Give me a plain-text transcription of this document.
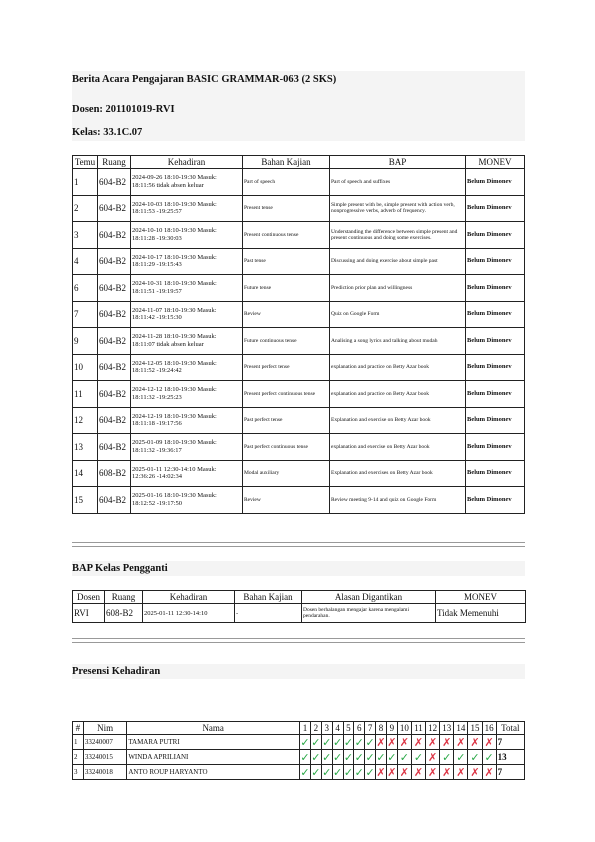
Berita Acara Pengajaran BASIC GRAMMAR-063 (2 SKS)
Dosen: 201101019-RVI
Kelas: 33.1C.07
Temu	Ruang	Kehadiran	Bahan Kajian	BAP	MONEV
1	604-B2	2024-09-26 18:10-19:30 Masuk: 18:11:56 tidak absen keluar	Part of speech	Part of speech and suffixes	Belum Dimonev
2	604-B2	2024-10-03 18:10-19:30 Masuk: 18:11:53 -19:25:57	Present tense	Simple present with be, simple present with action verb, nonprogressive verbs, adverb of frequency.	Belum Dimonev
3	604-B2	2024-10-10 18:10-19:30 Masuk: 18:11:28 -19:30:03	Present continuous tense	Understanding the difference between simple present and present continuous and doing some exercises.	Belum Dimonev
4	604-B2	2024-10-17 18:10-19:30 Masuk: 18:11:29 -19:15:43	Past tense	Discussing and doing exercise about simple past	Belum Dimonev
6	604-B2	2024-10-31 18:10-19:30 Masuk: 18:11:51 -19:19:57	Future tense	Prediction prior plan and willingness	Belum Dimonev
7	604-B2	2024-11-07 18:10-19:30 Masuk: 18:11:42 -19:15:30	Review	Quiz on Google Form	Belum Dimonev
9	604-B2	2024-11-28 18:10-19:30 Masuk: 18:11:07 tidak absen keluar	Future continuous tense	Analising a song lyrics and talking about mudah	Belum Dimonev
10	604-B2	2024-12-05 18:10-19:30 Masuk: 18:11:52 -19:24:42	Present perfect tense	explanation and practice on Betty Azar book	Belum Dimonev
11	604-B2	2024-12-12 18:10-19:30 Masuk: 18:11:32 -19:25:23	Present perfect continuous tense	explanation and practice on Betty Azar book	Belum Dimonev
12	604-B2	2024-12-19 18:10-19:30 Masuk: 18:11:18 -19:17:56	Past perfect tense	Explanation and exercise on Betty Azar book	Belum Dimonev
13	604-B2	2025-01-09 18:10-19:30 Masuk: 18:11:32 -19:36:17	Past perfect continuous tense	explanation and exercise on Betty Azar book	Belum Dimonev
14	608-B2	2025-01-11 12:30-14:10 Masuk: 12:36:26 -14:02:34	Modal auxiliary	Explanation and exercises on Betty Azar book	Belum Dimonev
15	604-B2	2025-01-16 18:10-19:30 Masuk: 18:12:52 -19:17:50	Review	Review meeting 9-14 and quiz on Google Form	Belum Dimonev
BAP Kelas Pengganti
Dosen	Ruang	Kehadiran	Bahan Kajian	Alasan Digantikan	MONEV
RVI	608-B2	2025-01-11 12:30-14:10	-	Dosen berhalangan mengajar karena mengalami pendarahan.	Tidak Memenuhi
Presensi Kehadiran
#	Nim	Nama	1	2	3	4	5	6	7	8	9	10	11	12	13	14	15	16	Total
1	33240007	TAMARA PUTRI	✓	✓	✓	✓	✓	✓	✓	✗	✗	✗	✗	✗	✗	✗	✗	✗	7
2	33240015	WINDA APRILIANI	✓	✓	✓	✓	✓	✓	✓	✓	✓	✓	✓	✗	✓	✓	✓	✓	13
3	33240018	ANTO ROUP HARYANTO	✓	✓	✓	✓	✓	✓	✓	✗	✗	✗	✗	✗	✗	✗	✗	✗	7
